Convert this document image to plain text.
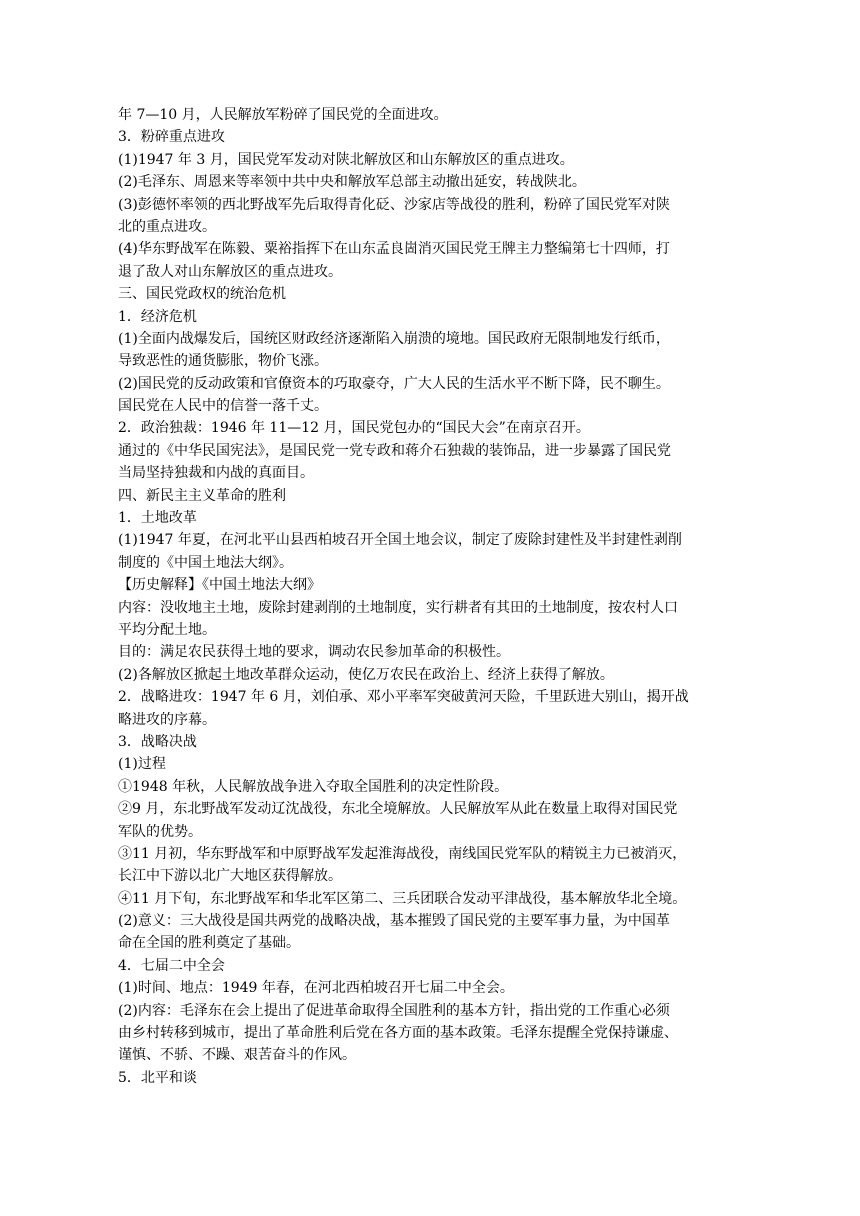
年 7—10 月，人民解放军粉碎了国民党的全面进攻。
3．粉碎重点进攻
(1)1947 年 3 月，国民党军发动对陕北解放区和山东解放区的重点进攻。
(2)毛泽东、周恩来等率领中共中央和解放军总部主动撤出延安，转战陕北。
(3)彭德怀率领的西北野战军先后取得青化砭、沙家店等战役的胜利，粉碎了国民党军对陕
北的重点进攻。
(4)华东野战军在陈毅、粟裕指挥下在山东孟良崮消灭国民党王牌主力整编第七十四师，打
退了敌人对山东解放区的重点进攻。
三、国民党政权的统治危机
1．经济危机
(1)全面内战爆发后，国统区财政经济逐渐陷入崩溃的境地。国民政府无限制地发行纸币，
导致恶性的通货膨胀，物价飞涨。
(2)国民党的反动政策和官僚资本的巧取豪夺，广大人民的生活水平不断下降，民不聊生。
国民党在人民中的信誉一落千丈。
2．政治独裁：1946 年 11—12 月，国民党包办的“国民大会”在南京召开。
通过的《中华民国宪法》，是国民党一党专政和蒋介石独裁的装饰品，进一步暴露了国民党
当局坚持独裁和内战的真面目。
四、新民主主义革命的胜利
1．土地改革
(1)1947 年夏，在河北平山县西柏坡召开全国土地会议，制定了废除封建性及半封建性剥削
制度的《中国土地法大纲》。
【历史解释】《中国土地法大纲》
内容：没收地主土地，废除封建剥削的土地制度，实行耕者有其田的土地制度，按农村人口
平均分配土地。
目的：满足农民获得土地的要求，调动农民参加革命的积极性。
(2)各解放区掀起土地改革群众运动，使亿万农民在政治上、经济上获得了解放。
2．战略进攻：1947 年 6 月，刘伯承、邓小平率军突破黄河天险，千里跃进大别山，揭开战
略进攻的序幕。
3．战略决战
(1)过程
①1948 年秋，人民解放战争进入夺取全国胜利的决定性阶段。
②9 月，东北野战军发动辽沈战役，东北全境解放。人民解放军从此在数量上取得对国民党
军队的优势。
③11 月初，华东野战军和中原野战军发起淮海战役，南线国民党军队的精锐主力已被消灭，
长江中下游以北广大地区获得解放。
④11 月下旬，东北野战军和华北军区第二、三兵团联合发动平津战役，基本解放华北全境。
(2)意义：三大战役是国共两党的战略决战，基本摧毁了国民党的主要军事力量，为中国革
命在全国的胜利奠定了基础。
4．七届二中全会
(1)时间、地点：1949 年春，在河北西柏坡召开七届二中全会。
(2)内容：毛泽东在会上提出了促进革命取得全国胜利的基本方针，指出党的工作重心必须
由乡村转移到城市，提出了革命胜利后党在各方面的基本政策。毛泽东提醒全党保持谦虚、
谨慎、不骄、不躁、艰苦奋斗的作风。
5．北平和谈
